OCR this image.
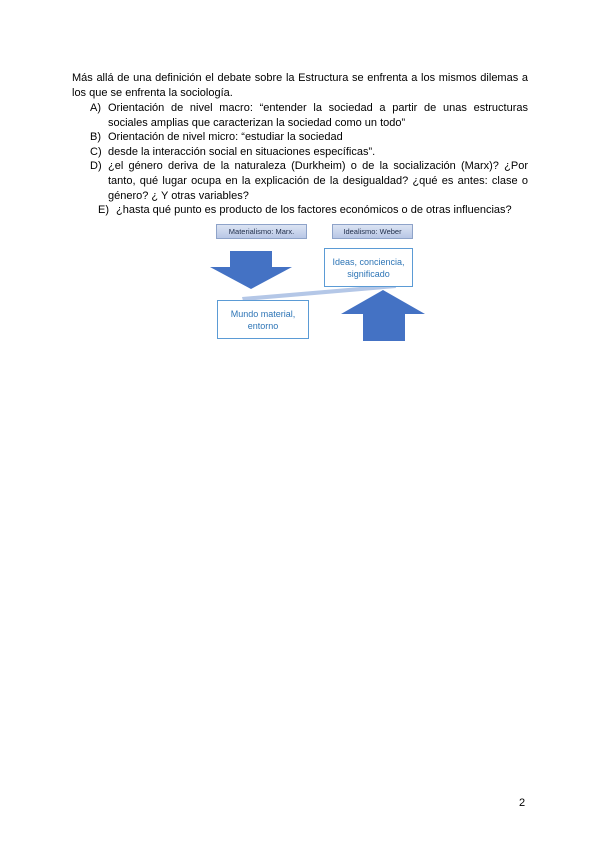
Más allá de una definición el debate sobre la Estructura se enfrenta a los mismos dilemas a los que se enfrenta la sociología.
A) Orientación de nivel macro: “entender la sociedad a partir de unas estructuras sociales amplias que caracterizan la sociedad como un todo”
B) Orientación de nivel micro: “estudiar la sociedad
C) desde la interacción social en situaciones específicas”.
D) ¿el género deriva de la naturaleza (Durkheim) o de la socialización (Marx)? ¿Por tanto, qué lugar ocupa en la explicación de la desigualdad? ¿qué es antes: clase o género? ¿ Y otras variables?
E) ¿hasta qué punto es producto de los factores económicos o de otras influencias?
Materialismo: Marx.	Idealismo: Weber
Ideas, conciencia, significado
Mundo material, entorno
2
